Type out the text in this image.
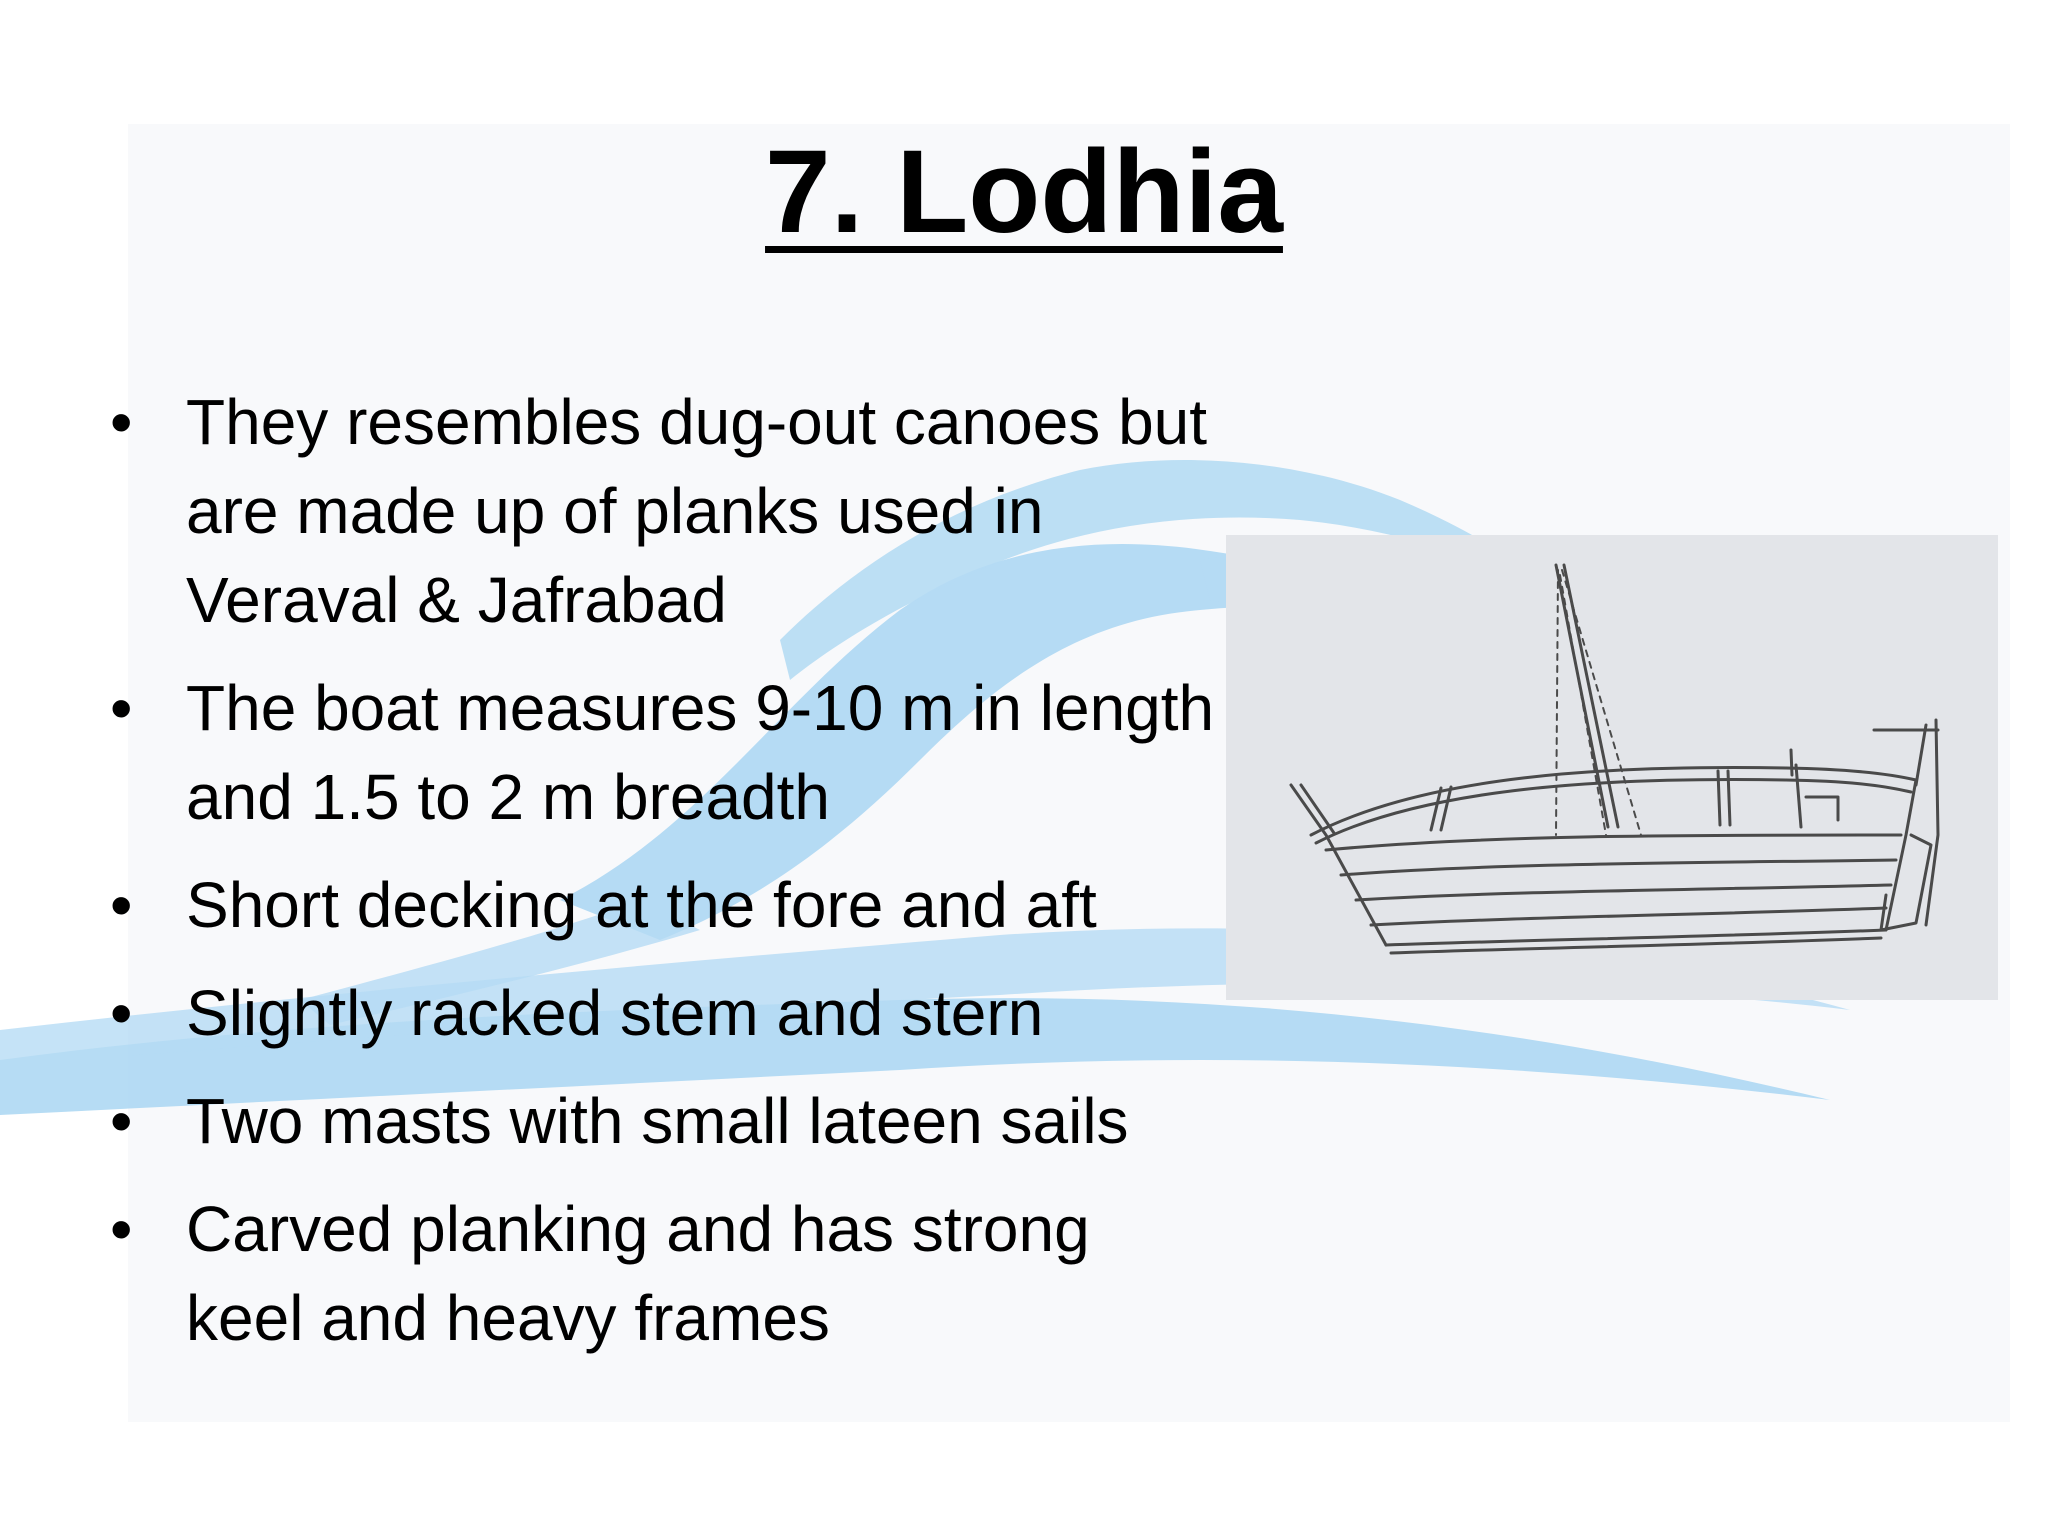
7. Lodhia
• They resembles dug-out canoes but are made up of planks used in Veraval & Jafrabad
• The boat measures 9-10 m in length and 1.5 to 2 m breadth
• Short decking at the fore and aft
• Slightly racked stem and stern
• Two masts with small lateen sails
• Carved planking and has strong keel and heavy frames
